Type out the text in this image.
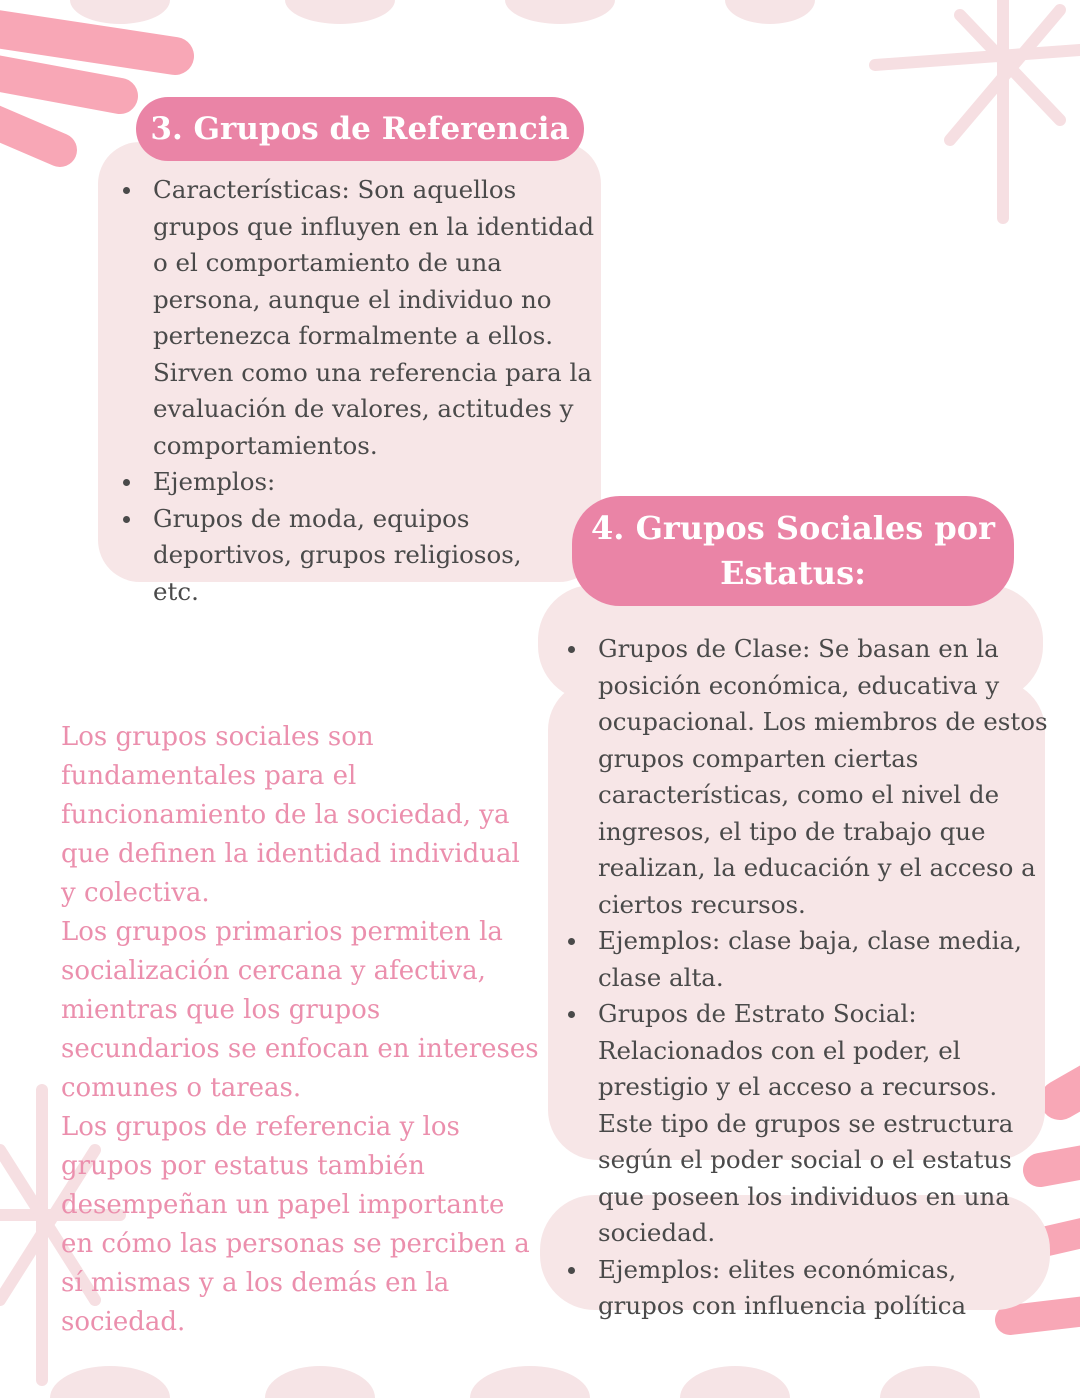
3. Grupos de Referencia
Características: Son aquellos grupos que influyen en la identidad o el comportamiento de una persona, aunque el individuo no pertenezca formalmente a ellos. Sirven como una referencia para la evaluación de valores, actitudes y comportamientos.
Ejemplos:
Grupos de moda, equipos deportivos, grupos religiosos, etc.
4. Grupos Sociales por Estatus:
Grupos de Clase: Se basan en la posición económica, educativa y ocupacional. Los miembros de estos grupos comparten ciertas características, como el nivel de ingresos, el tipo de trabajo que realizan, la educación y el acceso a ciertos recursos.
Ejemplos: clase baja, clase media, clase alta.
Grupos de Estrato Social: Relacionados con el poder, el prestigio y el acceso a recursos. Este tipo de grupos se estructura según el poder social o el estatus que poseen los individuos en una sociedad.
Ejemplos: elites económicas, grupos con influencia política

Los grupos sociales son fundamentales para el funcionamiento de la sociedad, ya que definen la identidad individual y colectiva.

Los grupos primarios permiten la socialización cercana y afectiva, mientras que los grupos secundarios se enfocan en intereses comunes o tareas.

Los grupos de referencia y los grupos por estatus también desempeñan un papel importante en cómo las personas se perciben a sí mismas y a los demás en la sociedad.
